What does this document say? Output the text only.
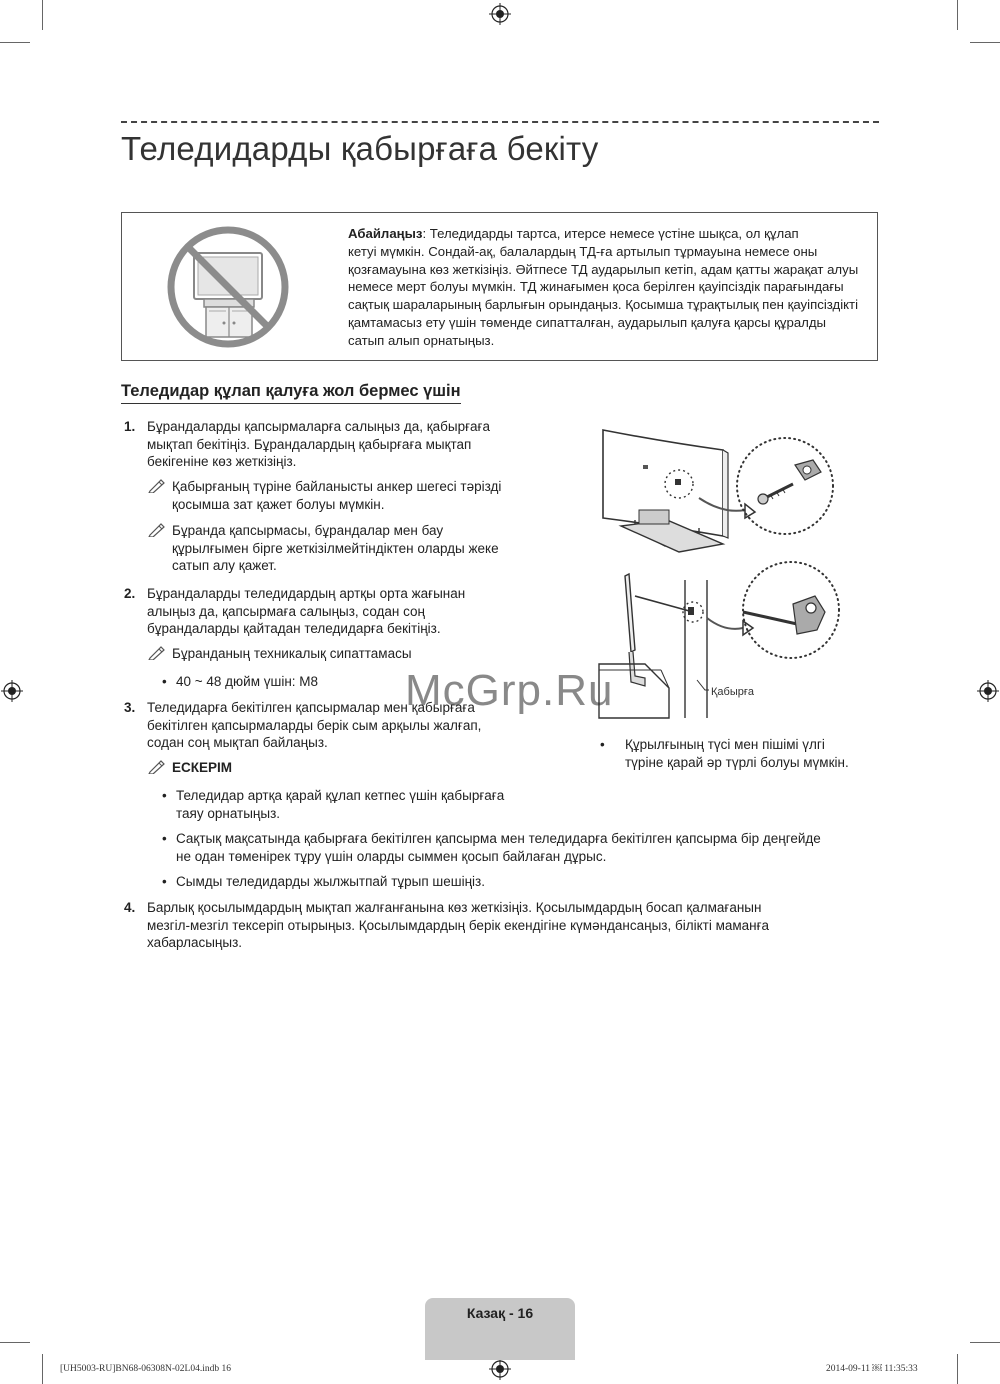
Теледидарды қабырғаға бекіту
Абайлаңыз: Теледидарды тартса, итерсе немесе үстіне шықса, ол құлап
кетуі мүмкін. Сондай-ақ, балалардың ТД-ға артылып тұрмауына немесе оны
қозғамауына көз жеткізіңіз. Әйтпесе ТД аударылып кетіп, адам қатты жарақат алуы
немесе мерт болуы мүмкін. ТД жинағымен қоса берілген қауіпсіздік парағындағы
сақтық шараларының барлығын орындаңыз. Қосымша тұрақтылық пен қауіпсіздікті
қамтамасыз ету үшін төменде сипатталған, аударылып қалуға қарсы құралды
сатып алып орнатыңыз.
Теледидар құлап қалуға жол бермес үшін
1. Бұрандаларды қапсырмаларға салыңыз да, қабырғаға
мықтап бекітіңіз. Бұрандалардың қабырғаға мықтап
бекігеніне көз жеткізіңіз.
Қабырғаның түріне байланысты анкер шегесі тәрізді
қосымша зат қажет болуы мүмкін.
Бұранда қапсырмасы, бұрандалар мен бау
құрылғымен бірге жеткізілмейтіндіктен оларды жеке
сатып алу қажет.
2. Бұрандаларды теледидардың артқы орта жағынан
алыңыз да, қапсырмаға салыңыз, содан соң
бұрандаларды қайтадан теледидарға бекітіңіз.
Бұранданың техникалық сипаттамасы
• 40 ~ 48 дюйм үшін: M8
3. Теледидарға бекітілген қапсырмалар мен қабырғаға
бекітілген қапсырмаларды берік сым арқылы жалғап,
содан соң мықтап байлаңыз.
ЕСКЕРІМ
• Теледидар артқа қарай құлап кетпес үшін қабырғаға
таяу орнатыңыз.
• Сақтық мақсатында қабырғаға бекітілген қапсырма мен теледидарға бекітілген қапсырма бір деңгейде
не одан төменірек тұру үшін оларды сыммен қосып байлаған дұрыс.
• Сымды теледидарды жылжытпай тұрып шешіңіз.
4. Барлық қосылымдардың мықтап жалғанғанына көз жеткізіңіз. Қосылымдардың босап қалмағанын
мезгіл-мезгіл тексеріп отырыңыз. Қосылымдардың берік екендігіне күмәндансаңыз, білікті маманға
хабарласыңыз.
Қабырға
• Құрылғының түсі мен пішімі үлгі
түріне қарай әр түрлі болуы мүмкін.
McGrp.Ru
Казақ - 16
[UH5003-RU]BN68-06308N-02L04.indb 16	2014-09-11 ￼ 11:35:33
